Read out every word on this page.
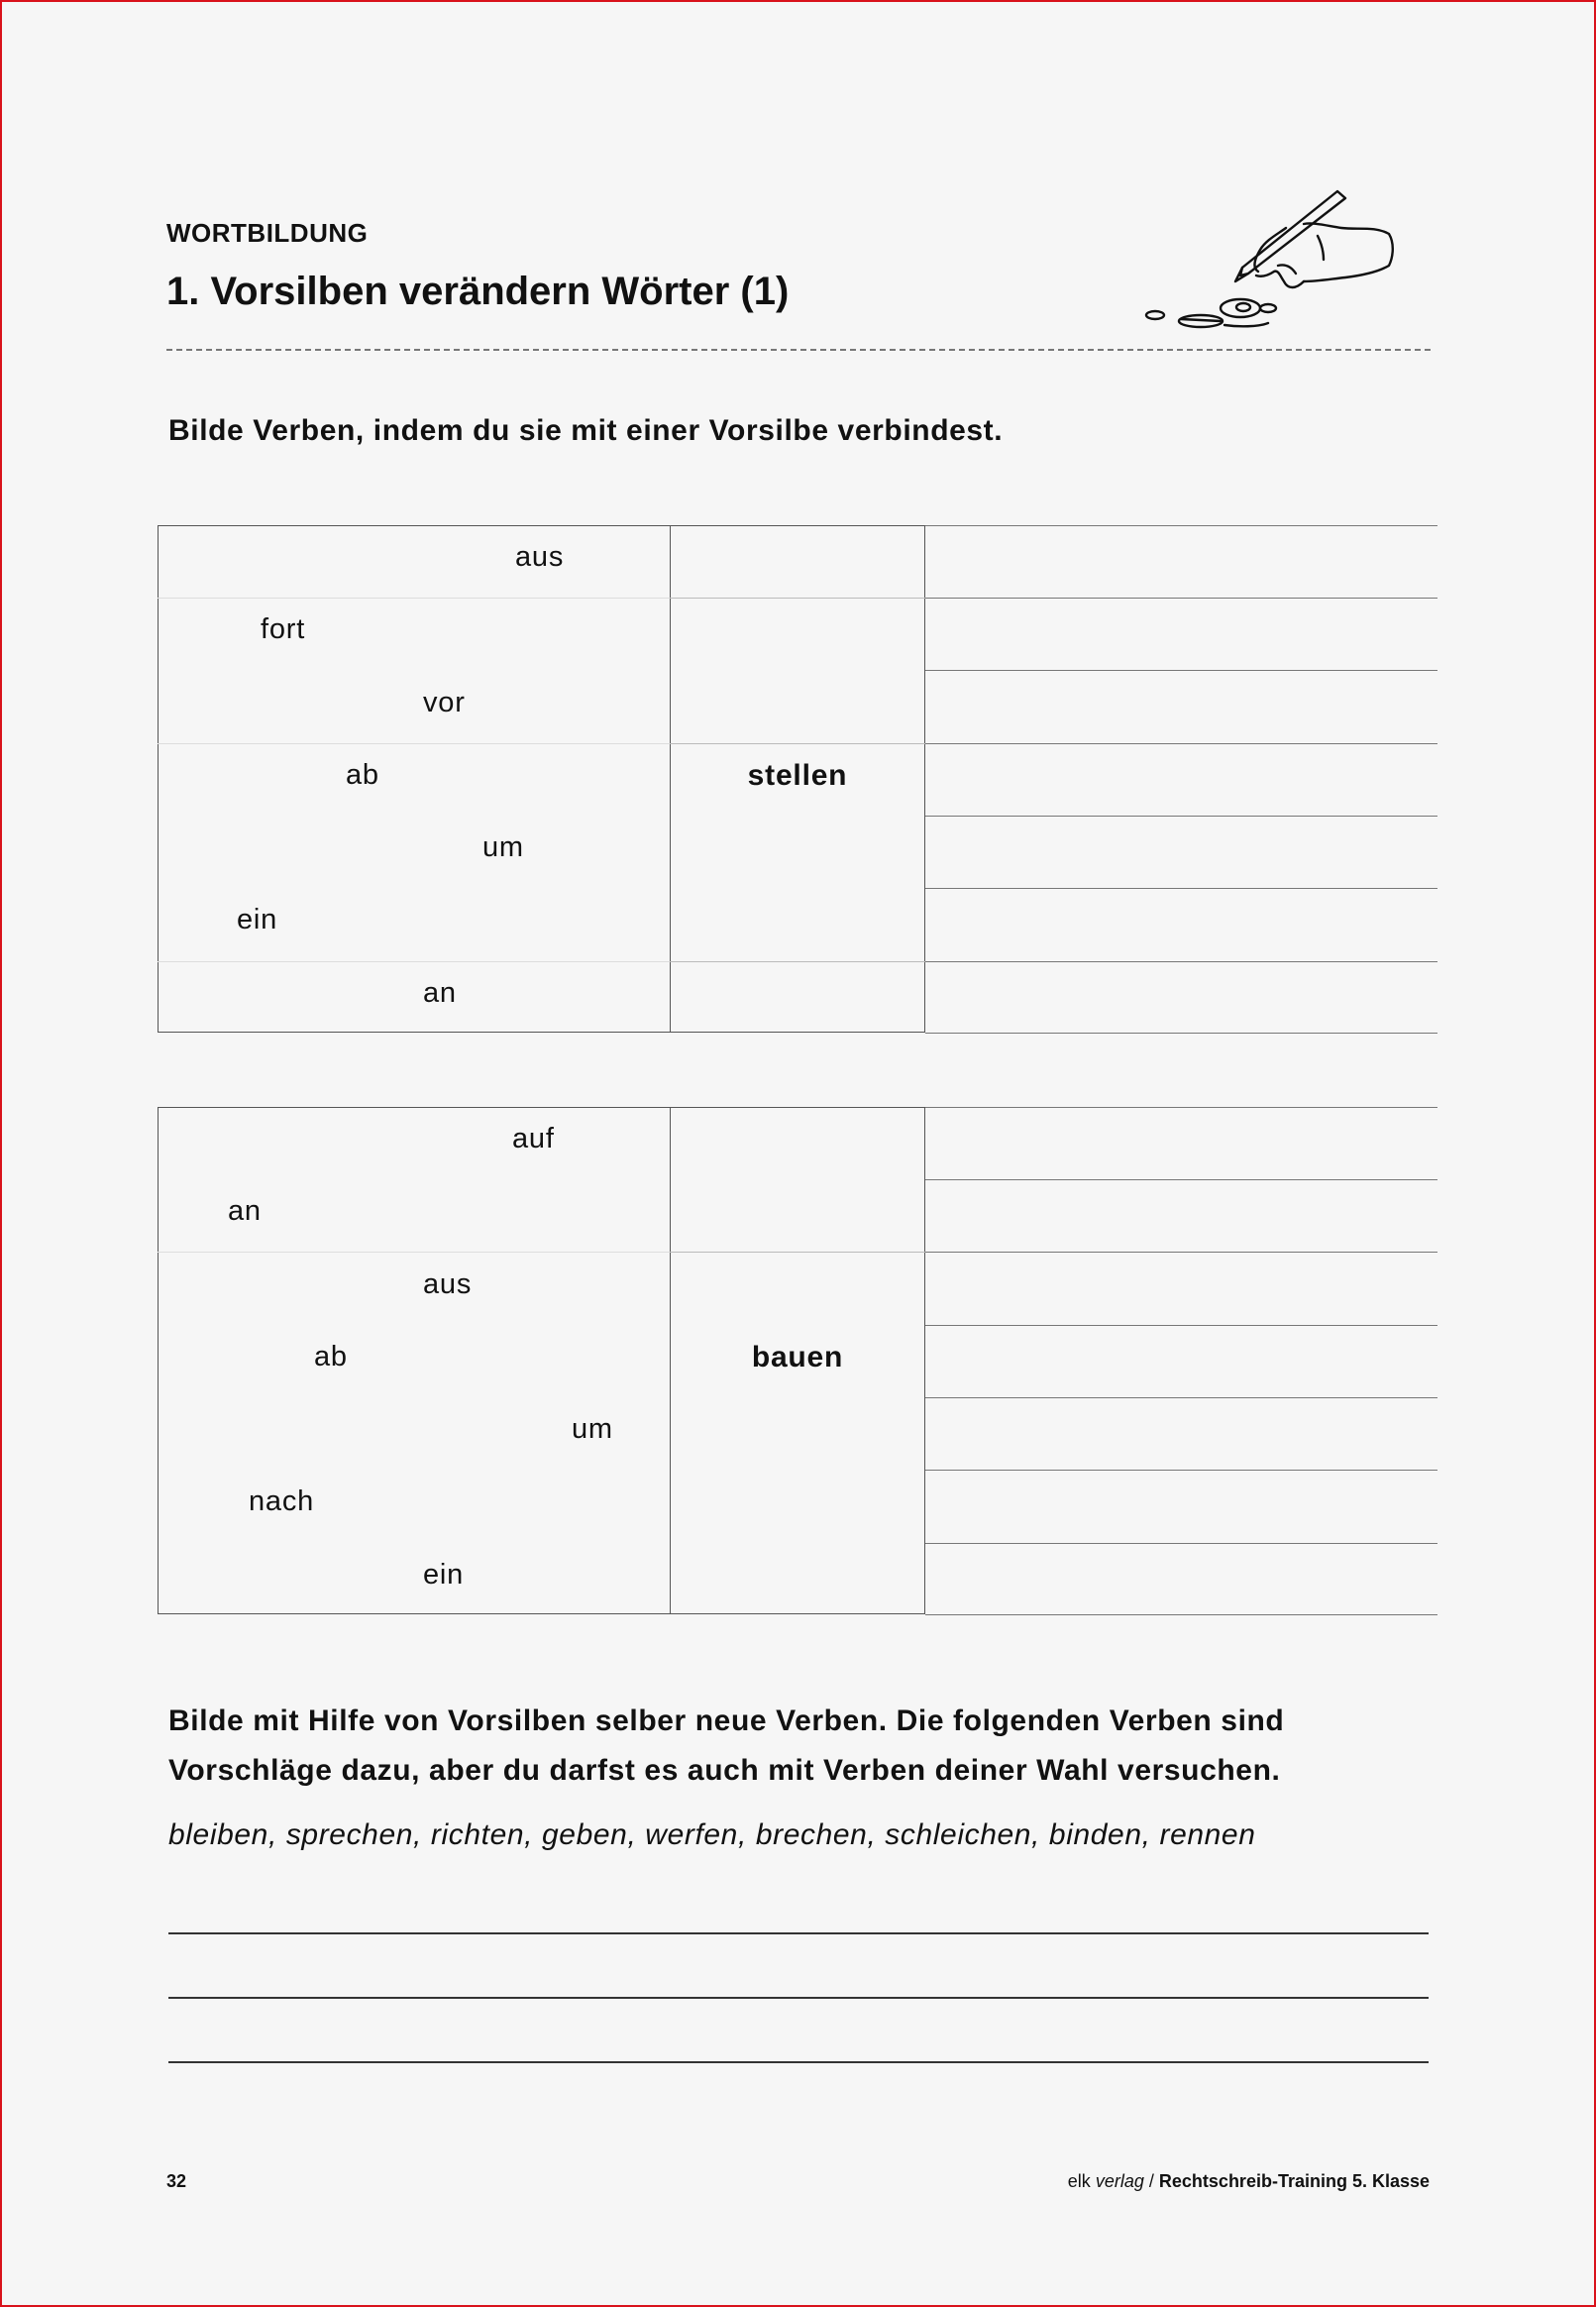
WORTBILDUNG
1. Vorsilben verändern Wörter (1)
Bilde Verben, indem du sie mit einer Vorsilbe verbindest.
aus
fort
vor
ab
um
ein
an
stellen
auf
an
aus
ab
um
nach
ein
bauen
Bilde mit Hilfe von Vorsilben selber neue Verben. Die folgenden Verben sind Vorschläge dazu, aber du darfst es auch mit Verben deiner Wahl versuchen.
bleiben, sprechen, richten, geben, werfen, brechen, schleichen, binden, rennen
32	elk verlag / Rechtschreib-Training 5. Klasse
